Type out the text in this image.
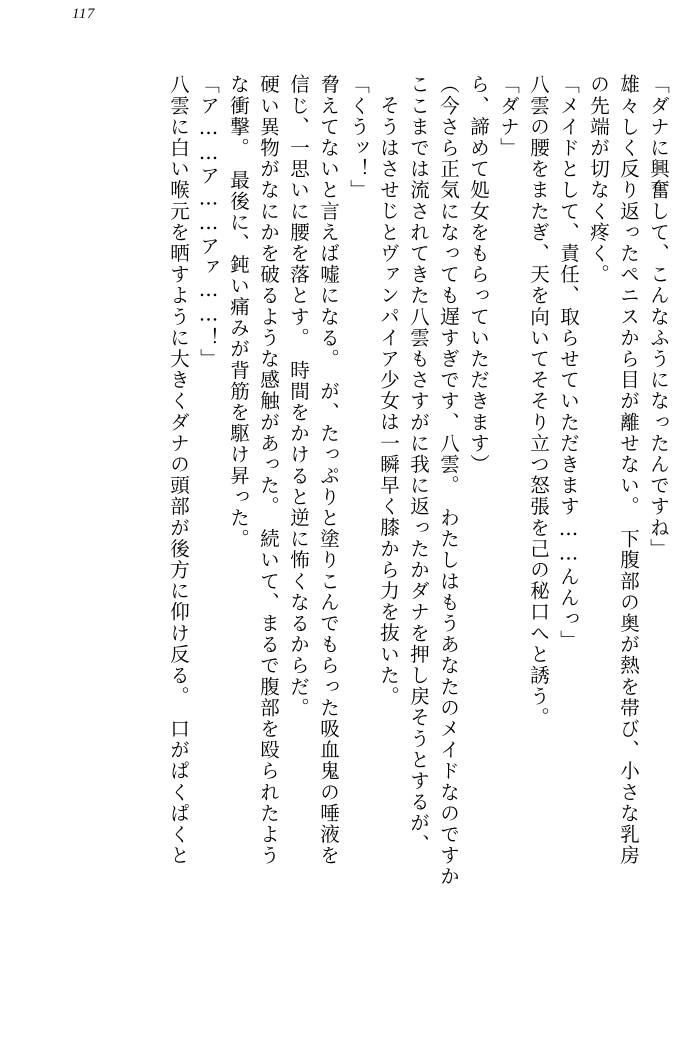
117
「ダナに興奮して、こんなふうになったんですね」
雄々しく反り返ったペニスから目が離せない。　下腹部の奥が熱を帯び、小さな乳房
の先端が切なく疼く。
「メイドとして、責任、取らせていただきます……んんっ」
八雲の腰をまたぎ、天を向いてそそり立つ怒張を己の秘口へと誘う。
「ダナ」
ら、諦めて処女をもらっていただきます）
（今さら正気になっても遅すぎです、八雲。　わたしはもうあなたのメイドなのですか
ここまでは流されてきた八雲もさすがに我に返ったかダナを押し戻そうとするが、
そうはさせじとヴァンパイア少女は一瞬早く膝から力を抜いた。
「くうッ！」
脅えてないと言えば嘘になる。　が、たっぷりと塗りこんでもらった吸血鬼の唾液を
信じ、一思いに腰を落とす。　時間をかけると逆に怖くなるからだ。
硬い異物がなにかを破るような感触があった。　続いて、まるで腹部を殴られたよう
な衝撃。　最後に、鈍い痛みが背筋を駆け昇った。
「ア……ア……アァ……！」
八雲に白い喉元を晒すように大きくダナの頭部が後方に仰け反る。　口がぱくぱくと
